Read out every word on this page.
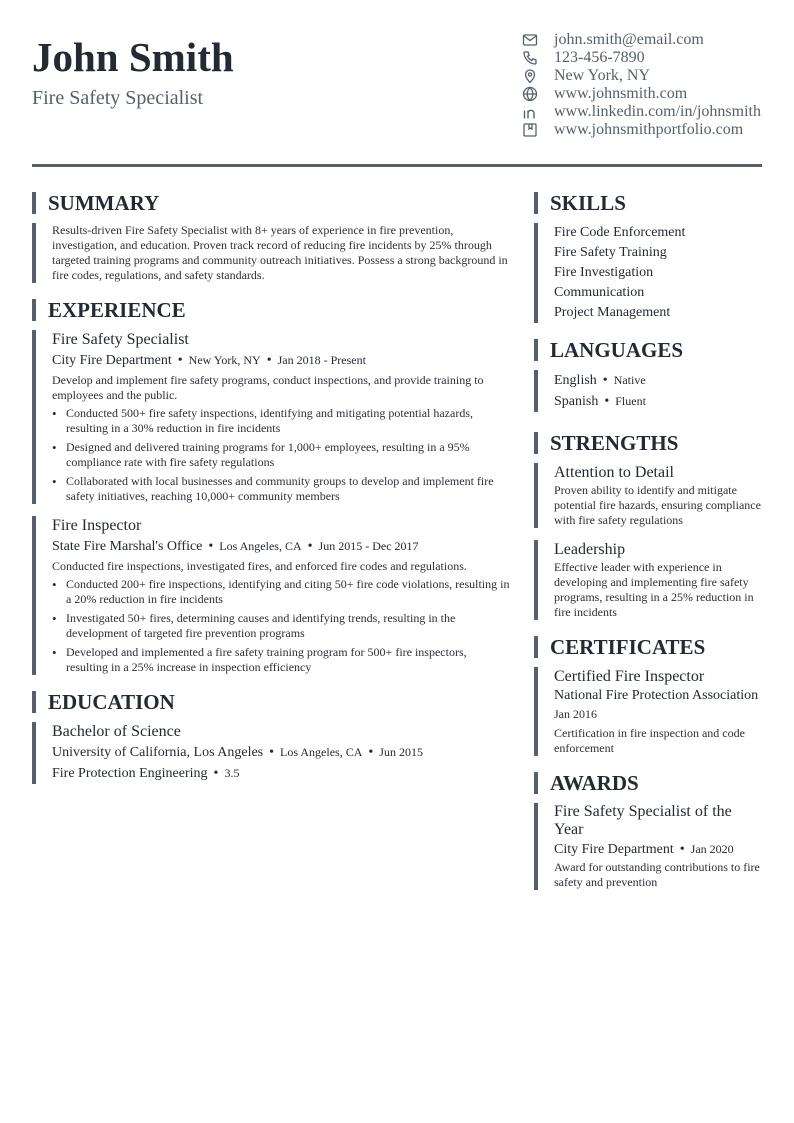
John Smith
Fire Safety Specialist
john.smith@email.com
123-456-7890
New York, NY
www.johnsmith.com
www.linkedin.com/in/johnsmith
www.johnsmithportfolio.com
SUMMARY
Results-driven Fire Safety Specialist with 8+ years of experience in fire prevention, investigation, and education. Proven track record of reducing fire incidents by 25% through targeted training programs and community outreach initiatives. Possess a strong background in fire codes, regulations, and safety standards.
EXPERIENCE
Fire Safety Specialist
City Fire Department • New York, NY • Jan 2018 - Present
Develop and implement fire safety programs, conduct inspections, and provide training to employees and the public.
• Conducted 500+ fire safety inspections, identifying and mitigating potential hazards, resulting in a 30% reduction in fire incidents
• Designed and delivered training programs for 1,000+ employees, resulting in a 95% compliance rate with fire safety regulations
• Collaborated with local businesses and community groups to develop and implement fire safety initiatives, reaching 10,000+ community members
Fire Inspector
State Fire Marshal's Office • Los Angeles, CA • Jun 2015 - Dec 2017
Conducted fire inspections, investigated fires, and enforced fire codes and regulations.
• Conducted 200+ fire inspections, identifying and citing 50+ fire code violations, resulting in a 20% reduction in fire incidents
• Investigated 50+ fires, determining causes and identifying trends, resulting in the development of targeted fire prevention programs
• Developed and implemented a fire safety training program for 500+ fire inspectors, resulting in a 25% increase in inspection efficiency
EDUCATION
Bachelor of Science
University of California, Los Angeles • Los Angeles, CA • Jun 2015
Fire Protection Engineering • 3.5
SKILLS
Fire Code Enforcement
Fire Safety Training
Fire Investigation
Communication
Project Management
LANGUAGES
English • Native
Spanish • Fluent
STRENGTHS
Attention to Detail
Proven ability to identify and mitigate potential fire hazards, ensuring compliance with fire safety regulations
Leadership
Effective leader with experience in developing and implementing fire safety programs, resulting in a 25% reduction in fire incidents
CERTIFICATES
Certified Fire Inspector
National Fire Protection Association
Jan 2016
Certification in fire inspection and code enforcement
AWARDS
Fire Safety Specialist of the Year
City Fire Department • Jan 2020
Award for outstanding contributions to fire safety and prevention
